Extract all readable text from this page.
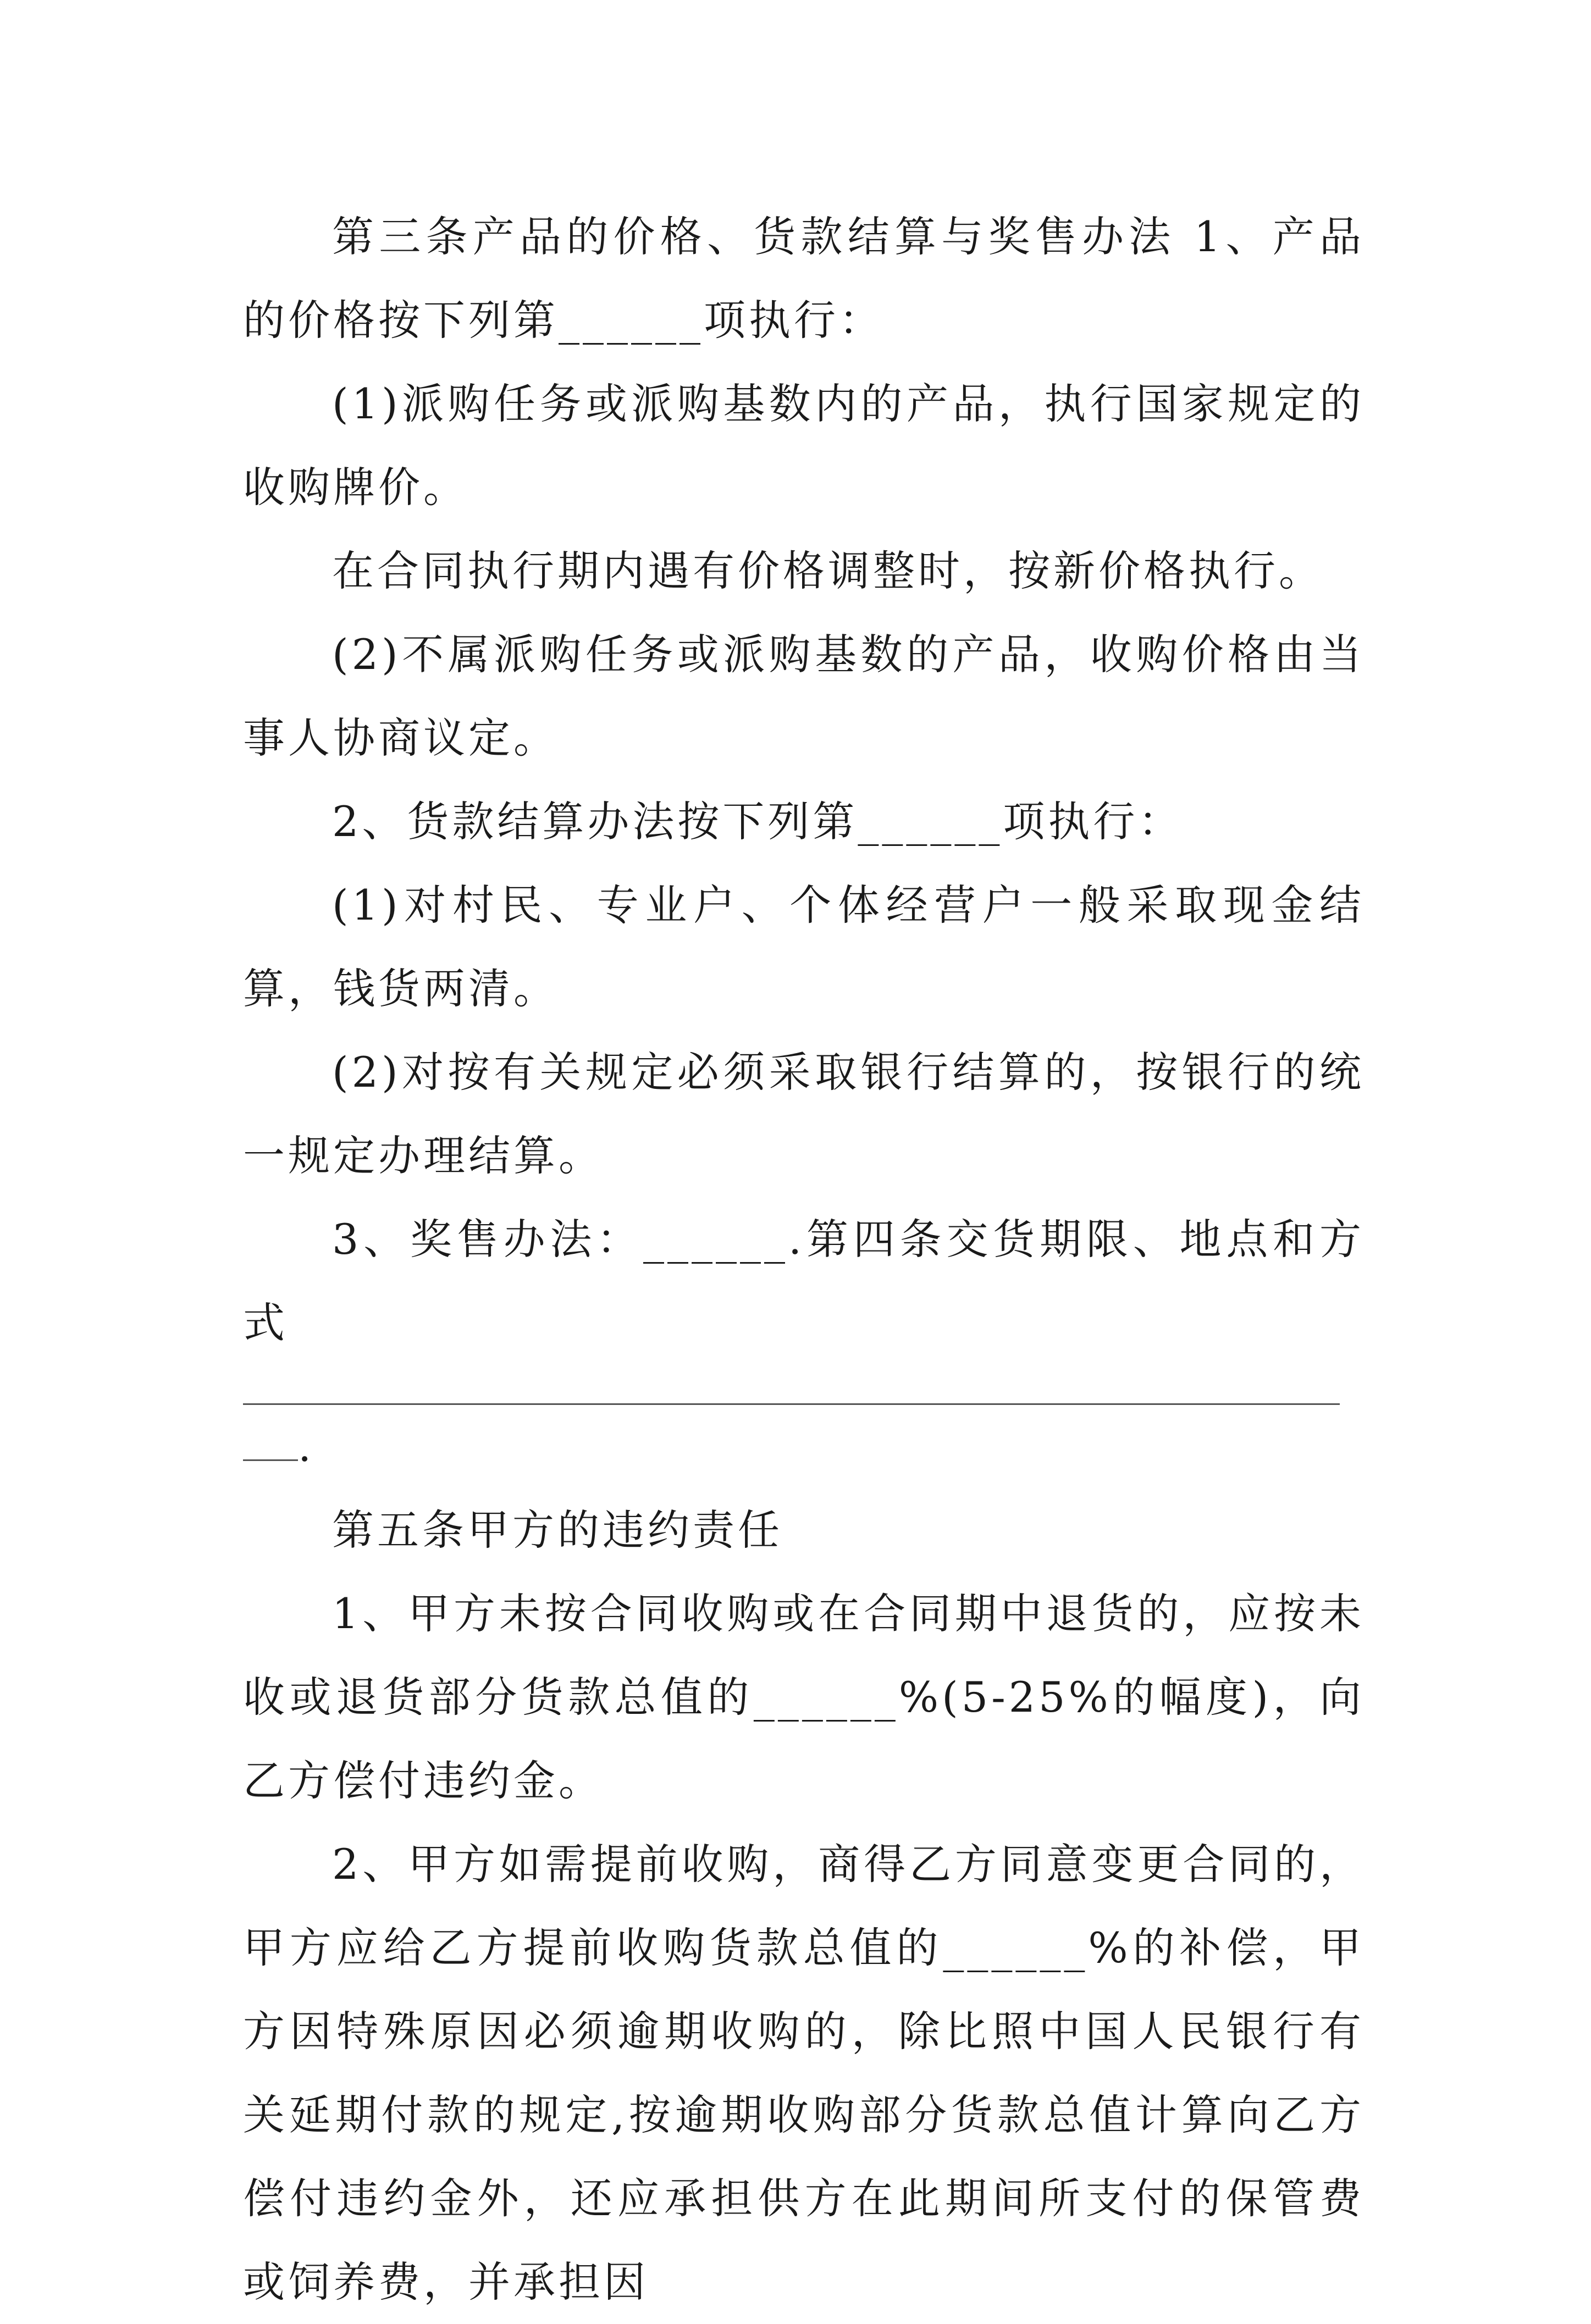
第三条产品的价格、货款结算与奖售办法 1、产品的价格按下列第______项执行：

(1)派购任务或派购基数内的产品，执行国家规定的收购牌价。

在合同执行期内遇有价格调整时，按新价格执行。

(2)不属派购任务或派购基数的产品，收购价格由当事人协商议定。

2、货款结算办法按下列第______项执行：

(1)对村民、专业户、个体经营户一般采取现金结算，钱货两清。

(2)对按有关规定必须采取银行结算的，按银行的统一规定办理结算。

3、奖售办法：______.第四条交货期限、地点和方式

.

第五条甲方的违约责任

1、甲方未按合同收购或在合同期中退货的，应按未收或退货部分货款总值的______%(5-25%的幅度)，向乙方偿付违约金。

2、甲方如需提前收购，商得乙方同意变更合同的，甲方应给乙方提前收购货款总值的______%的补偿，甲方因特殊原因必须逾期收购的，除比照中国人民银行有关延期付款的规定,按逾期收购部分货款总值计算向乙方偿付违约金外，还应承担供方在此期间所支付的保管费或饲养费，并承担因
